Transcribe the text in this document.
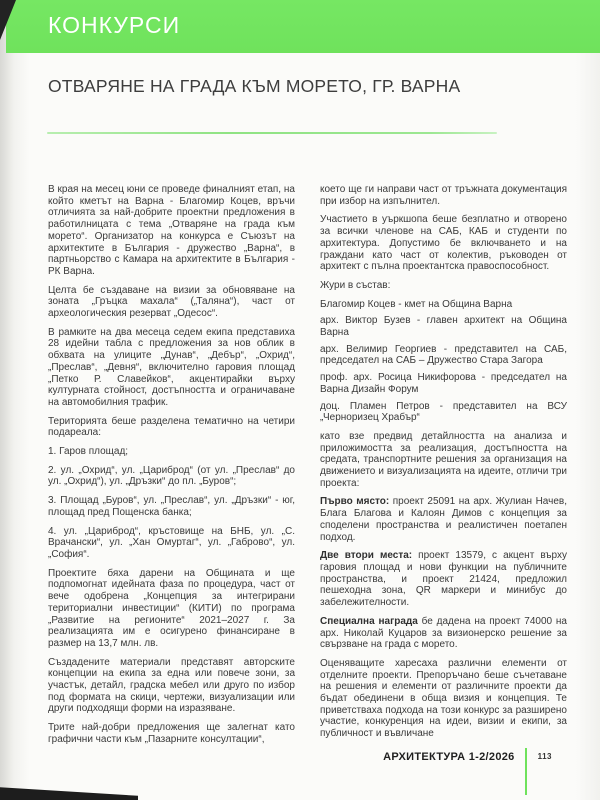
КОНКУРСИ
ОТВАРЯНЕ НА ГРАДА КЪМ МОРЕТО, ГР. ВАРНА

В края на месец юни се проведе финалният етап, на който кметът на Варна - Благомир Коцев, връчи отличията за най-добрите проектни предложения в работилницата с тема „Отваряне на града към морето“. Организатор на конкурса е Съюзът на архитектите в България - дружество „Варна“, в партньорство с Камара на архитектите в България - РК Варна.

Целта бе създаване на визии за обновяване на зоната „Гръцка махала“ („Таляна“), част от археологическия резерват „Одесос“.

В рамките на два месеца седем екипа представиха 28 идейни табла с предложения за нов облик в обхвата на улиците „Дунав“, „Дебър“, „Охрид“, „Преслав“, „Девня“, включително гаровия площад „Петко Р. Славейков“, акцентирайки върху културната стойност, достъпността и ограничаване на автомобилния трафик.

Територията беше разделена тематично на четири подареала:

1. Гаров площад;

2. ул. „Охрид“, ул. „Цариброд“ (от ул. „Преслав“ до ул. „Охрид“), ул. „Дръзки“ до пл. „Буров“;

3. Площад „Буров“, ул. „Преслав“, ул. „Дръзки“ - юг, площад пред Пощенска банка;

4. ул. „Цариброд“, кръстовище на БНБ, ул. „С. Врачански“, ул. „Хан Омуртаг“, ул. „Габрово“, ул. „София“.

Проектите бяха дарени на Общината и ще подпомогнат идейната фаза по процедура, част от вече одобрена „Концепция за интегрирани териториални инвестиции“ (КИТИ) по програма „Развитие на регионите“ 2021–2027 г. За реализацията им е осигурено финансиране в размер на 13,7 млн. лв.

Създадените материали представят авторските концепции на екипа за една или повече зони, за участък, детайл, градска мебел или друго по избор под формата на скици, чертежи, визуализации или други подходящи форми на изразяване.

Трите най-добри предложения ще залегнат като графични части към „Пазарните консултации“,

което ще ги направи част от тръжната документация при избор на изпълнител.

Участието в уъркшопа беше безплатно и отворено за всички членове на САБ, КАБ и студенти по архитектура. Допустимо бе включването и на граждани като част от колектив, ръководен от архитект с пълна проектантска правоспособност.

Жури в състав:

Благомир Коцев - кмет на Община Варна

арх. Виктор Бузев - главен архитект на Община Варна

арх. Велимир Георгиев - представител на САБ, председател на САБ – Дружество Стара Загора

проф. арх. Росица Никифорова - председател на Варна Дизайн Форум

доц. Пламен Петров - представител на ВСУ „Черноризец Храбър“

като взе предвид детайлността на анализа и приложимостта за реализация, достъпността на средата, транспортните решения за организация на движението и визуализацията на идеите, отличи три проекта:

Първо място: проект 25091 на арх. Жулиан Начев, Блага Благова и Калоян Димов с концепция за споделени пространства и реалистичен поетапен подход.

Две втори места: проект 13579, с акцент върху гаровия площад и нови функции на публичните пространства, и проект 21424, предложил пешеходна зона, QR маркери и минибус до забележителности.

Специална награда бе дадена на проект 74000 на арх. Николай Куцаров за визионерско решение за свързване на града с морето.

Оценяващите харесаха различни елементи от отделните проекти. Препоръчано беше съчетаване на решения и елементи от различните проекти да бъдат обединени в обща визия и концепция. Те приветстваха подхода на този конкурс за разширено участие, конкуренция на идеи, визии и екипи, за публичност и въвличане

АРХИТЕКТУРА 1-2/2026	113
